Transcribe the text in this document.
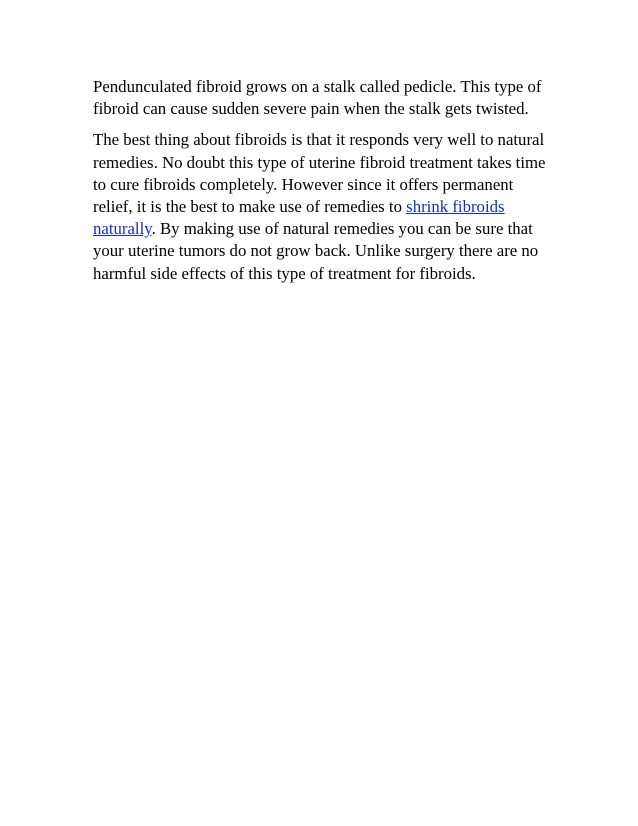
Pendunculated fibroid grows on a stalk called pedicle. This type of fibroid can cause sudden severe pain when the stalk gets twisted.

The best thing about fibroids is that it responds very well to natural remedies. No doubt this type of uterine fibroid treatment takes time to cure fibroids completely. However since it offers permanent relief, it is the best to make use of remedies to shrink fibroids naturally. By making use of natural remedies you can be sure that your uterine tumors do not grow back. Unlike surgery there are no harmful side effects of this type of treatment for fibroids.
